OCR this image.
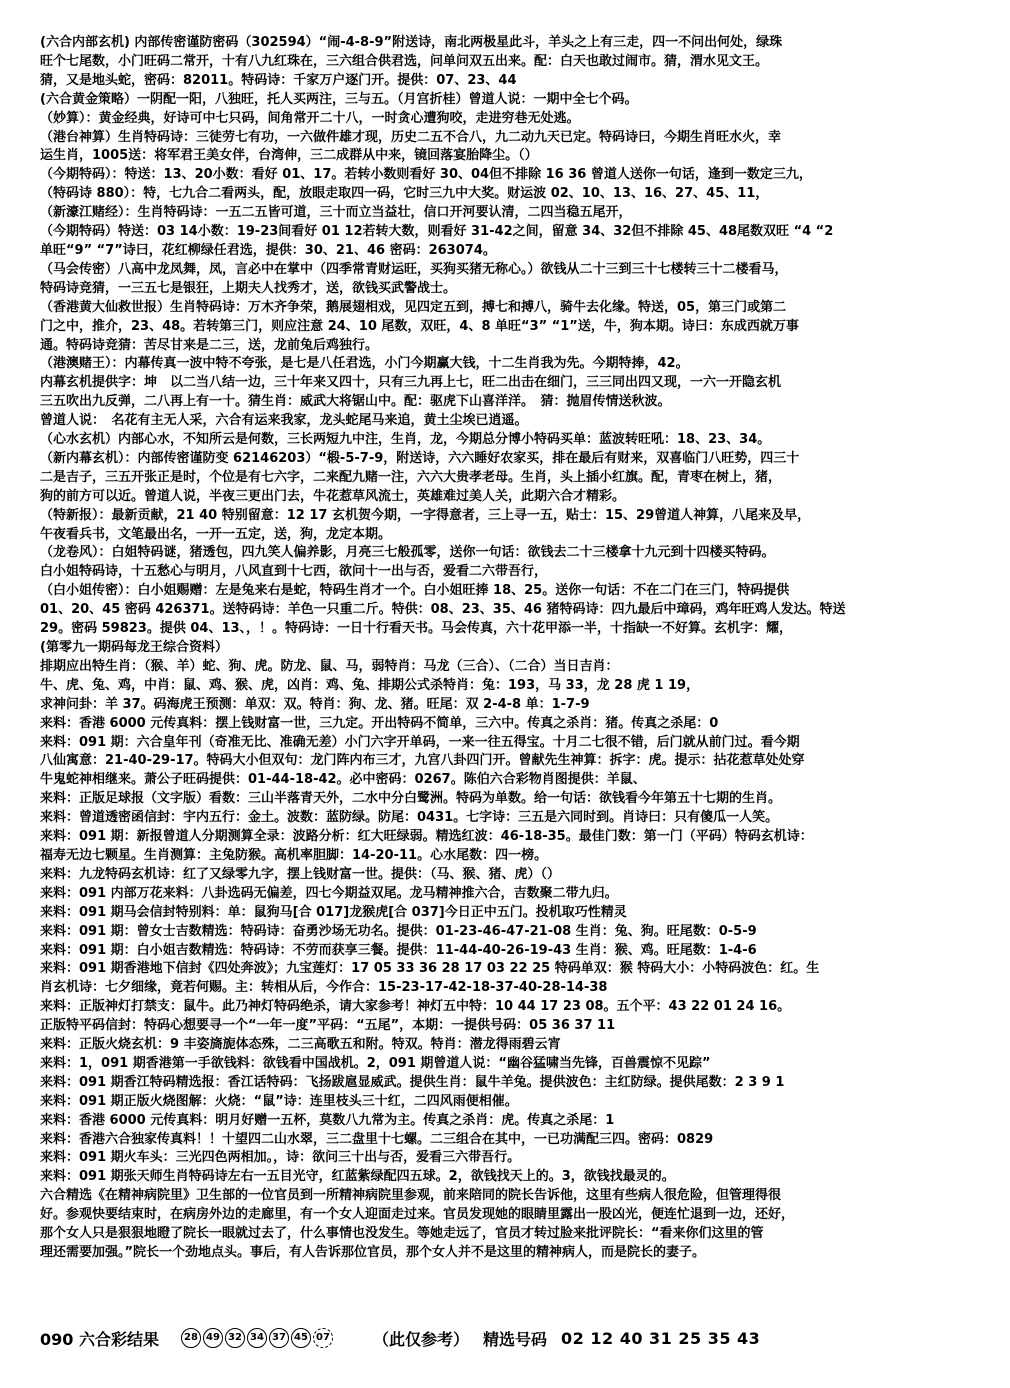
(六合内部玄机) 内部传密谨防密码（302594）“闹-4-8-9”附送诗，南北两极星此斗，羊头之上有三走，四一不问出何处，绿珠
旺个七尾数，小门旺码二常开，十有八九红珠在，三六组合供君选，问单问双五出来。配：白天也敢过闹市。猜，渭水见文王。
猜，又是地头蛇，密码：82011。特码诗：千家万户逐门开。提供：07、23、44
(六合黄金策略）一阴配一阳，八独旺，托人买两注，三与五。（月宫折桂）曾道人说：一期中全七个码。
（妙算）：黄金经典，好诗可中七只码，间角常开二十八，一时贪心遭狗咬，走进穷巷无处逃。
（港台神算）生肖特码诗：三徒劳七有功，一六做件雄才现，历史二五不合八，九二动九天已定。特码诗曰，今期生肖旺水火，幸
运生肖，1005送：将军君王美女伴，台湾伸，三二成群从中来，镜回落宴胎降尘。（）
（今期特码）：特送：13、20小数：看好 01、17。若转小数则看好 30、04但不排除 16 36 曾道人送你一句话，逢到一数定三九，
（特码诗 880）：特，七九合二看两头，配，放眼走取四一码，它时三九中大奖。财运波 02、10、13、16、27、45、11，
（新濠江赌经）：生肖特码诗：一五二五皆可道，三十而立当益壮，信口开河要认清，二四当稳五尾开，
（今期特码）特送：03 14小数：19-23间看好 01 12若转大数，则看好 31-42之间，留意 34、32但不排除 45、48尾数双旺 “4 “2
单旺“9” “7”诗曰，花红柳绿任君选，提供：30、21、46 密码：263074。
（马会传密）八高中龙凤舞，凤，言必中在掌中（四季常青财运旺，买狗买猪无称心。）欲钱从二十三到三十七楼转三十二楼看马，
特码诗竞猜，一三五七是银狂，上期夫人找秀才，送，欲钱买武警战士。
（香港黄大仙救世报）生肖特码诗：万木齐争荣，鹅展翅相戏，见四定五到，搏七和搏八，骑牛去化缘。特送，05，第三门或第二
门之中，推介，23、48。若转第三门，则应注意 24、10 尾数，双旺，4、8 单旺“3” “1”送，牛，狗本期。诗曰：东成西就万事
通。特码诗竞猜：苦尽甘来是二三，送，龙前兔后鸡独行。
（港澳赌王）：内幕传真一波中特不夸张，是七是八任君选，小门今期赢大钱，十二生肖我为先。今期特捧，42。
内幕玄机提供字：坤　以二当八结一边，三十年来又四十，只有三九再上七，旺二出击在细门，三三同出四又现，一六一开隐玄机
三五吹出九反弹，二八再上有一十。猜生肖：威武大将锯山中。配：驱虎下山喜洋洋。　猜：抛眉传情送秋波。
曾道人说：　名花有主无人采，六合有运来我家，龙头蛇尾马来追，黄土尘埃已逍遥。
（心水玄机）内部心水，不知所云是何数，三长两短九中注，生肖，龙，今期总分博小特码买单：蓝波转旺吼：18、23、34。
（新内幕玄机）：内部传密谨防变 62146203）“椴-5-7-9，附送诗，六六睡好农家买，排在最后有财来，双喜临门八旺势，四三十
二是吉子，三五开张正是时，个位是有七六字，二来配九赌一注，六六大贵孝老母。生肖，头上插小红旗。配，青枣在树上，猪，
狗的前方可以近。曾道人说，半夜三更出门去，牛花惹草风流士，英雄难过美人关，此期六合才精彩。
（特新报）：最新贡献，21 40 特别留意：12 17 玄机贺今期，一字得意者，三上寻一五，贴士：15、29曾道人神算，八尾来及早，
午夜看兵书，文笔最出名，一开一五定，送，狗，龙定本期。
（龙卷风）：白姐特码谜，猪透包，四九笑人偏养影，月亮三七般孤零，送你一句话：欲钱去二十三楼拿十九元到十四楼买特码。
白小姐特码诗，十五愁心与明月，八风直到十七西，欲问十一出与否，爱看二六带吾行，
（白小姐传密）：白小姐赐赠：左是兔来右是蛇，特码生肖才一个。白小姐旺捧 18、25。送你一句话：不在二门在三门，特码提供
01、20、45 密码 426371。送特码诗：羊色一只重二斤。特供：08、23、35、46 猪特码诗：四九最后中璋码，鸡年旺鸡人发达。特送
29。密码 59823。提供 04、13、，！。特码诗：一日十行看天书。马会传真，六十花甲添一半，十指缺一不好算。玄机字：耀，
(第零九一期码每龙王综合资料）
排期应出特生肖：（猴、羊）蛇、狗、虎。防龙、鼠、马，弱特肖：马龙（三合）、（二合）当日吉肖：
牛、虎、兔、鸡，中肖：鼠、鸡、猴、虎，凶肖：鸡、兔、排期公式杀特肖：兔：193，马 33，龙 28 虎 1 19，
求神问卦：羊 37。码海虎王预测：单双：双。特肖：狗、龙、猪。旺尾：双 2-4-8 单：1-7-9
来料：香港 6000 元传真料：摆上钱财富一世，三九定。开出特码不简单，三六中。传真之杀肖：猪。传真之杀尾：0
来料：091 期：六合皇年刊（奇准无比、准确无差）小门六字开单码，一来一往五得宝。十月二七很不错，后门就从前门过。看今期
八仙寓意：21-40-29-17。特码大小但双句：龙门阵内布三才，九宫八卦四门开。曾献先生神算：拆字：虎。提示：拈花惹草处处穿
牛鬼蛇神相继来。萧公子旺码提供：01-44-18-42。必中密码：0267。陈伯六合彩物肖图提供：羊鼠、
来料：正版足球报（文字版）看数：三山半落青天外，二水中分白鹭洲。特码为单数。给一句话：欲钱看今年第五十七期的生肖。
来料：曾道透密函信封：宇内五行：金土。波数：蓝防绿。防尾：0431。七字诗：三五是六同时到。肖诗曰：只有傻瓜一人笑。
来料：091 期：新报曾道人分期测算全录：波路分析：红大旺绿弱。精选红波：46-18-35。最佳门数：第一门（平码）特码玄机诗：
福寿无边七颗星。生肖测算：主兔防猴。高机率胆脚：14-20-11。心水尾数：四一榜。
来料：九龙特码玄机诗：红了又绿零九字，摆上钱财富一世。提供：（马、猴、猪、虎）（）
来料：091 内部万花来料：八卦选码无偏差，四七今期益双尾。龙马精神推六合，吉数聚二带九归。
来料：091 期马会信封特别料：单：鼠狗马[合 017]龙猴虎[合 037]今日正中五门。投机取巧性精灵
来料：091 期：曾女士吉数精选：特码诗：奋勇沙场无功名。提供：01-23-46-47-21-08 生肖：兔、狗。旺尾数：0-5-9
来料：091 期：白小姐吉数精选：特码诗：不劳而获享三餐。提供：11-44-40-26-19-43 生肖：猴、鸡。旺尾数：1-4-6
来料：091 期香港地下信封《四处奔波》；九宝莲灯：17 05 33 36 28 17 03 22 25 特码单双：猴 特码大小：小特码波色：红。生
肖玄机诗：七夕细缘，竟若何赐。主：转相从后，今作合：15-23-17-42-18-37-40-28-14-38
来料：正版神灯打禁支：鼠牛。此乃神灯特码绝杀，请大家参考！神灯五中特：10 44 17 23 08。五个平：43 22 01 24 16。
正版特平码信封：特码心想要寻一个“一年一度”平码：“五尾”，本期：一提供号码：05 36 37 11
来料：正版火烧玄机：9 丰姿旖旎体态殊，二三高歌五和附。特双。特肖：潜龙得雨碧云宵
来料：1，091 期香港第一手欲钱料：欲钱看中国战机。2，091 期曾道人说：“幽谷猛啸当先锋，百兽震惊不见踪”
来料：091 期香江特码精选报：香江话特码：飞扬跋扈显威武。提供生肖：鼠牛羊兔。提供波色：主红防绿。提供尾数：2 3 9 1
来料：091 期正版火烧图解：火烧：“鼠”诗：连里枝头三十红，二四风雨便相催。
来料：香港 6000 元传真料：明月好赠一五杯，莫数八九常为主。传真之杀肖：虎。传真之杀尾：1
来料：香港六合独家传真料！！十望四二山水翠，三二盘里十七螺。二三组合在其中，一已功满配三四。密码：0829
来料：091 期火车头：三光四色两相加。，诗：欲问三十出与否，爱看三六带吾行。
来料：091 期张天师生肖特码诗左右一五目光守，红蓝紫绿配四五球。2，欲钱找天上的。3，欲钱找最灵的。
六合精选《在精神病院里》卫生部的一位官员到一所精神病院里参观，前来陪同的院长告诉他，这里有些病人很危险，但管理得很
好。参观快要结束时，在病房外边的走廊里，有一个女人迎面走过来。官员发现她的眼睛里露出一股凶光，便连忙退到一边，还好，
那个女人只是狠狠地瞪了院长一眼就过去了，什么事情也没发生。等她走远了，官员才转过脸来批评院长：“看来你们这里的管
理还需要加强。”院长一个劲地点头。事后，有人告诉那位官员，那个女人并不是这里的精神病人，而是院长的妻子。
090 六合彩结果	28 49 32 34 37 45 07	（此仅参考） 精选号码 02 12 40 31 25 35 43
